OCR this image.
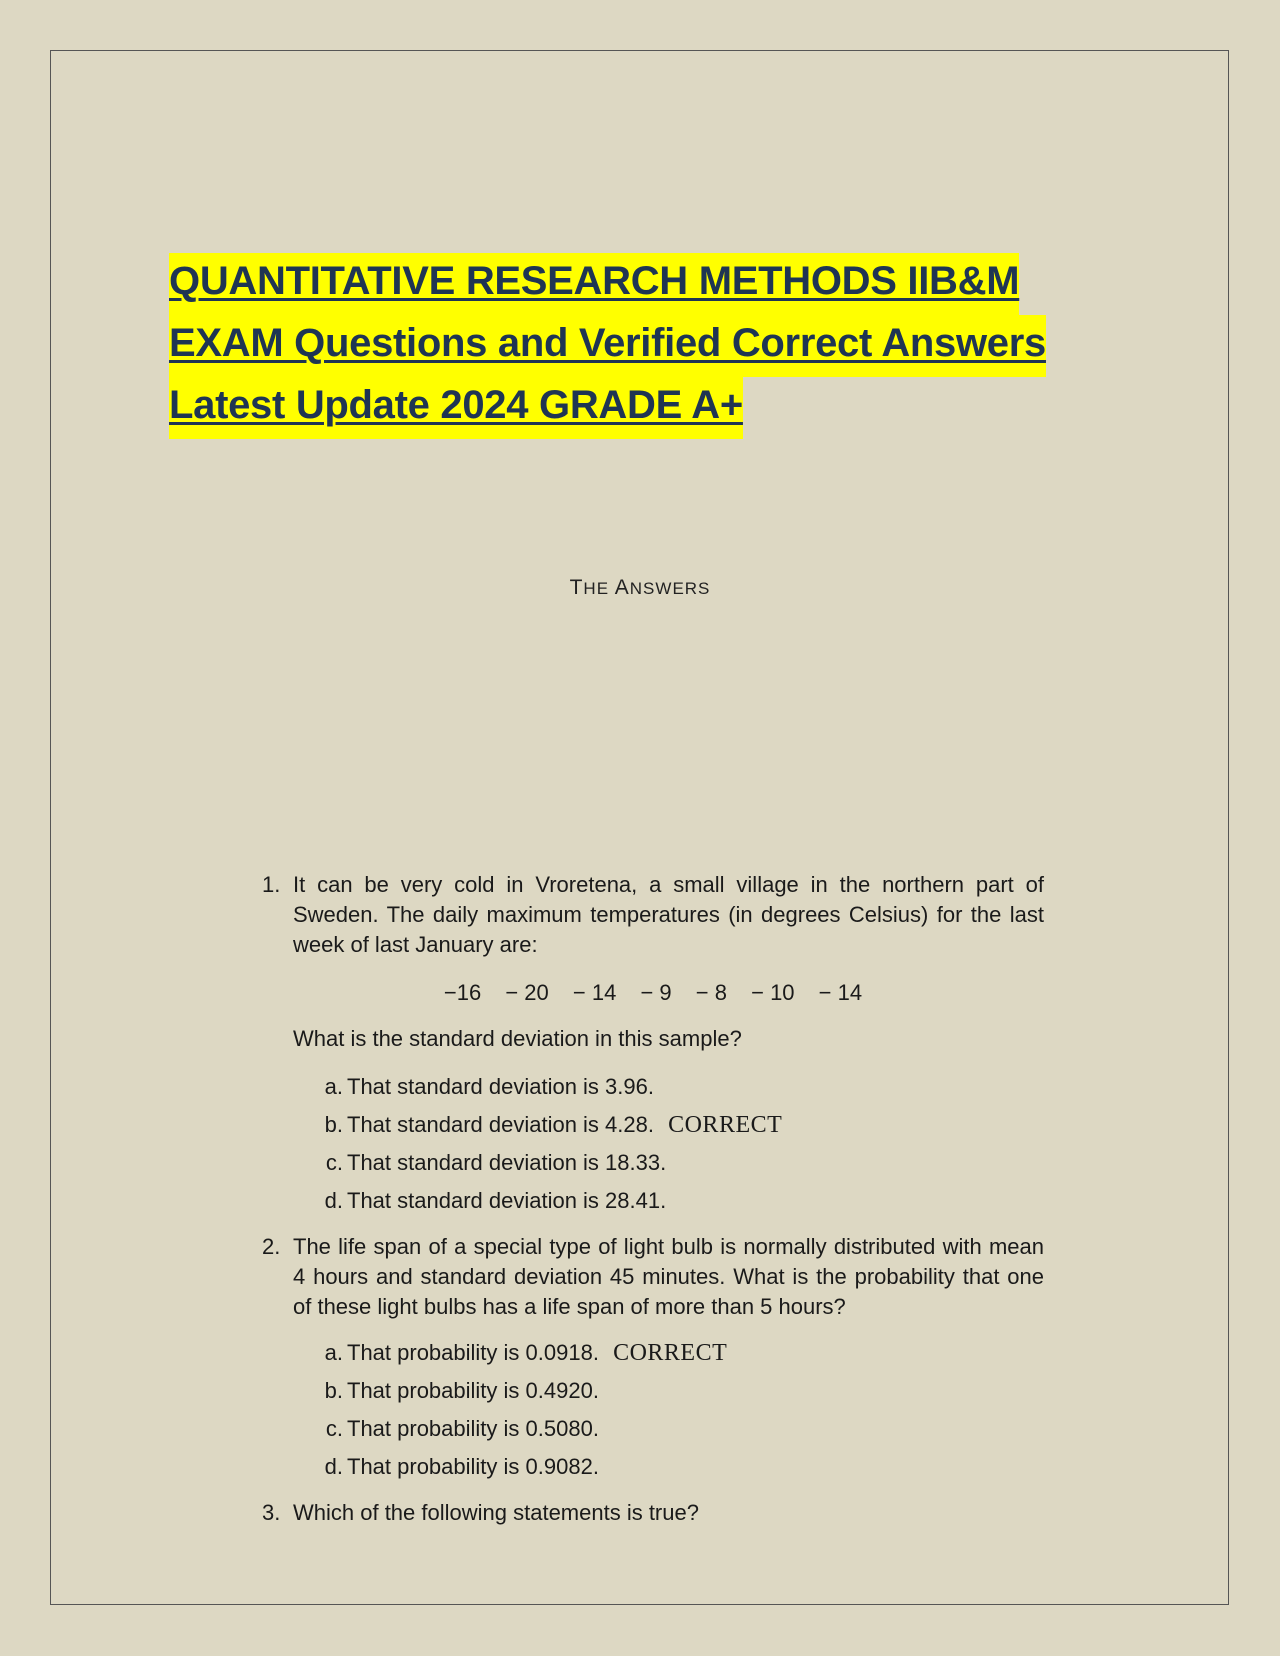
QUANTITATIVE RESEARCH METHODS IIB&M
EXAM Questions and Verified Correct Answers
Latest Update 2024 GRADE A+
THE ANSWERS
1. It can be very cold in Vroretena, a small village in the northern part of Sweden. The daily maximum temperatures (in degrees Celsius) for the last week of last January are:
−16 − 20 − 14 − 9 − 8 − 10 − 14
What is the standard deviation in this sample?
a. That standard deviation is 3.96.
b. That standard deviation is 4.28. CORRECT
c. That standard deviation is 18.33.
d. That standard deviation is 28.41.
2. The life span of a special type of light bulb is normally distributed with mean 4 hours and standard deviation 45 minutes. What is the probability that one of these light bulbs has a life span of more than 5 hours?
a. That probability is 0.0918. CORRECT
b. That probability is 0.4920.
c. That probability is 0.5080.
d. That probability is 0.9082.
3. Which of the following statements is true?
